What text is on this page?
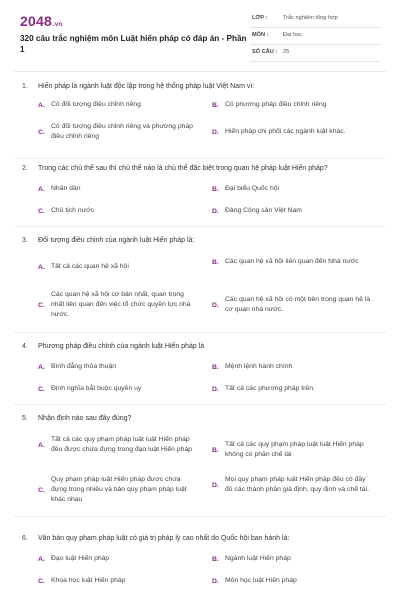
2048.vn
320 câu trắc nghiệm môn Luật hiến pháp có đáp án - Phần 1
LỚP :	Trắc nghiệm tổng hợp
MÔN :	Đại học
SỐ CÂU : 25
1. Hiến pháp là ngành luật độc lập trong hệ thống pháp luật Việt Nam vì:
A. Có đối tượng điều chỉnh riêng	B. Có phương pháp điều chỉnh riêng
C.
Có đối tượng điều chỉnh riêng và phương pháp điều chỉnh riêng
D. Hiến pháp chi phối các ngành luật khác.
2. Trong các chủ thể sau thì chủ thể nào là chủ thể đặc biệt trong quan hệ pháp luật Hiến pháp?
A. Nhân dân	B. Đại biểu Quốc hội
C. Chủ tịch nước	D. Đảng Cộng sản Việt Nam
3. Đối tượng điều chỉnh của ngành luật Hiến pháp là:
A. Tất cả các quan hệ xã hội
B. Các quan hệ xã hội liên quan đến Nhà nước
C.
Các quan hệ xã hội cơ bản nhất, quan trọng nhất liên quan đến việc tổ chức quyền lực nhà nước.
D.
Các quan hệ xã hội có một bên trong quan hệ là cơ quan nhà nước.
4. Phương pháp điều chỉnh của ngành luật Hiến pháp là
A. Bình đẳng thỏa thuận	B. Mệnh lệnh hành chính
C. Định nghĩa bắt buộc quyền uy	D. Tất cả các phương pháp trên.
5. Nhận định nào sau đây đúng?
A.
Tất cả các quy phạm pháp luật luật Hiến pháp đều được chứa đựng trong đạo luật Hiến pháp	B.
Tất cả các quy phạm pháp luật luật Hiến pháp không có phần chế tài
C.
Quy phạm pháp luật Hiến pháp được chứa đựng trong nhiều và bản quy phạm pháp luật khác nhau
D.
Mọi quy phạm pháp luật Hiến pháp đều có đầy đủ các thành phần giả định, quy định và chế tài.
6. Văn bản quy phạm pháp luật có giá trị pháp lý cao nhất do Quốc hội ban hành là:
A. Đạo luật Hiến pháp	B. Ngành luật Hiến pháp
C. Khoa học luật Hiến pháp	D. Môn học luật Hiến pháp
